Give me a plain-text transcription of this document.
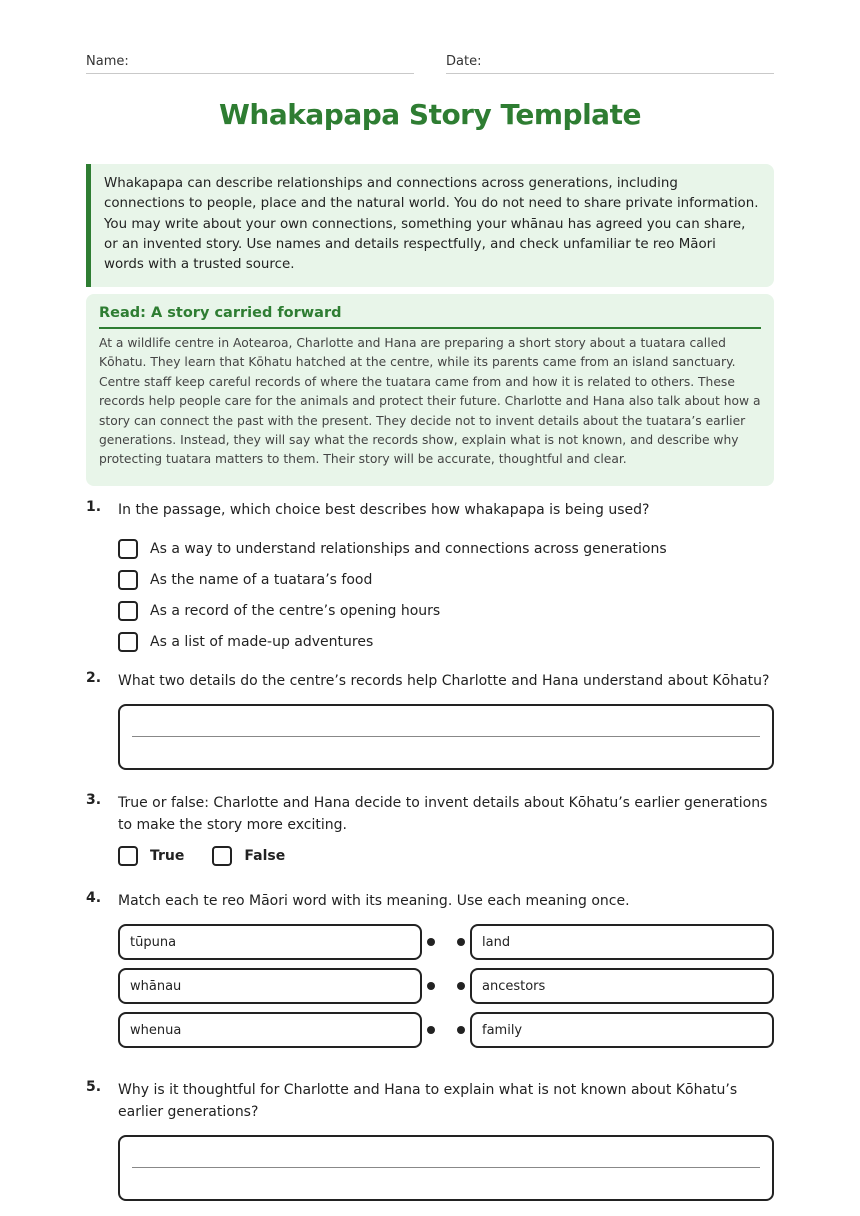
Name:	Date:
Whakapapa Story Template
Whakapapa can describe relationships and connections across generations, including connections to people, place and the natural world. You do not need to share private information. You may write about your own connections, something your whānau has agreed you can share, or an invented story. Use names and details respectfully, and check unfamiliar te reo Māori words with a trusted source.
Read: A story carried forward
At a wildlife centre in Aotearoa, Charlotte and Hana are preparing a short story about a tuatara called Kōhatu. They learn that Kōhatu hatched at the centre, while its parents came from an island sanctuary. Centre staff keep careful records of where the tuatara came from and how it is related to others. These records help people care for the animals and protect their future. Charlotte and Hana also talk about how a story can connect the past with the present. They decide not to invent details about the tuatara’s earlier generations. Instead, they will say what the records show, explain what is not known, and describe why protecting tuatara matters to them. Their story will be accurate, thoughtful and clear.
1. In the passage, which choice best describes how whakapapa is being used?
As a way to understand relationships and connections across generations
As the name of a tuatara’s food
As a record of the centre’s opening hours
As a list of made-up adventures
2. What two details do the centre’s records help Charlotte and Hana understand about Kōhatu?
3. True or false: Charlotte and Hana decide to invent details about Kōhatu’s earlier generations to make the story more exciting.
True	False
4. Match each te reo Māori word with its meaning. Use each meaning once.
tūpuna	land
whānau	ancestors
whenua	family
5. Why is it thoughtful for Charlotte and Hana to explain what is not known about Kōhatu’s earlier generations?
